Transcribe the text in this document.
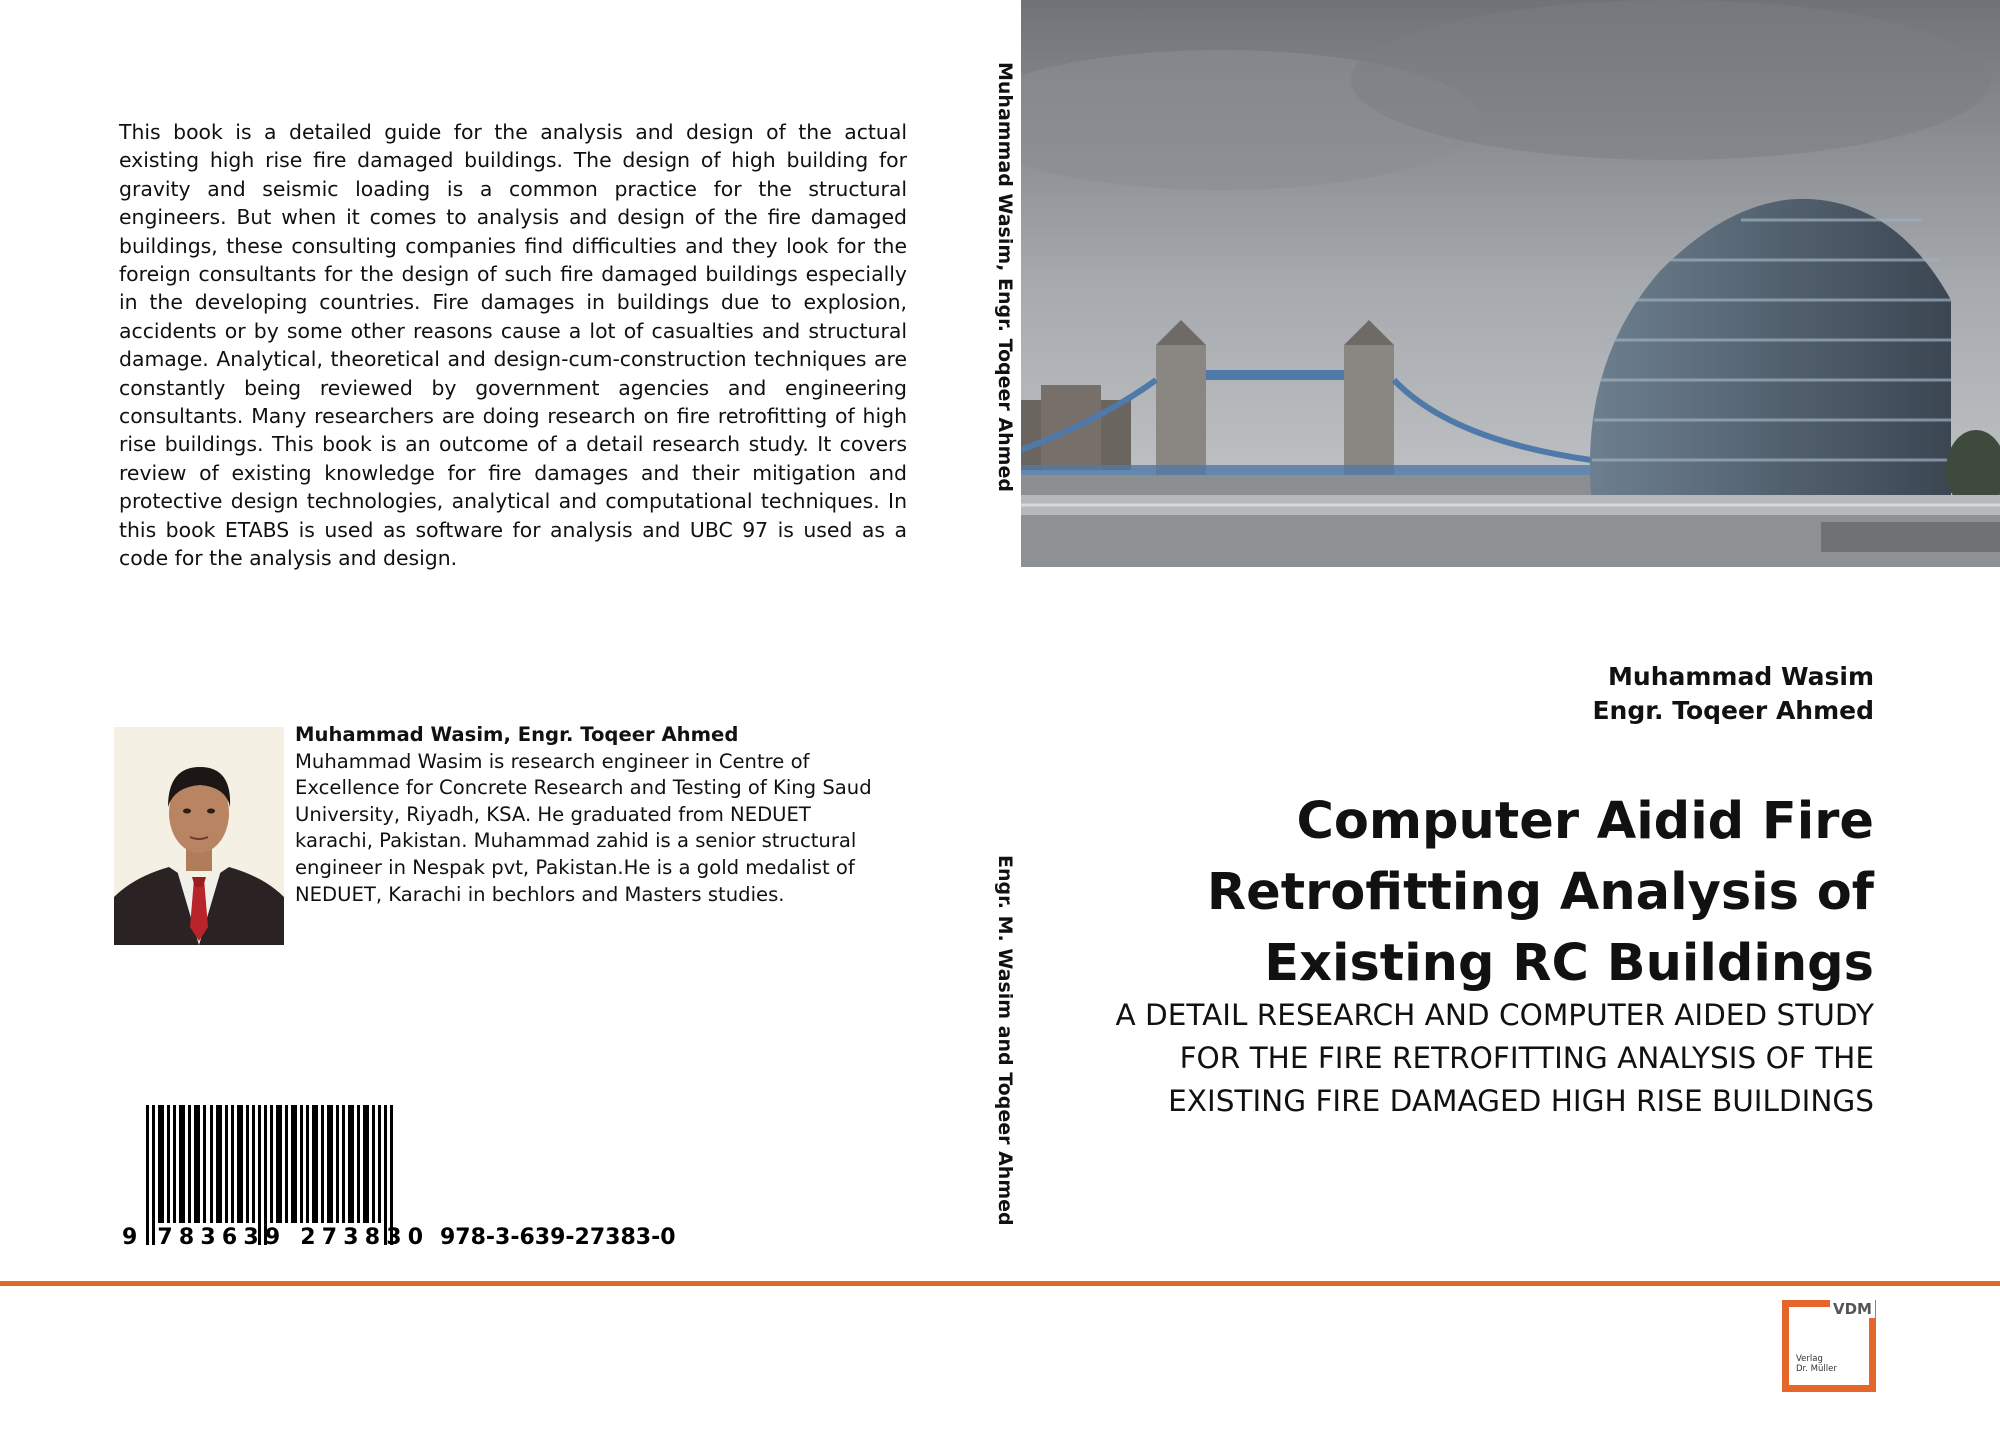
This book is a detailed guide for the analysis and design of the actual existing high rise fire damaged buildings. The design of high building for gravity and seismic loading is a common practice for the structural engineers. But when it comes to analysis and design of the fire damaged buildings, these consulting companies find difficulties and they look for the foreign consultants for the design of such fire damaged buildings especially in the developing countries. Fire damages in buildings due to explosion, accidents or by some other reasons cause a lot of casualties and structural damage. Analytical, theoretical and design-cum-construction techniques are constantly being reviewed by government agencies and engineering consultants. Many researchers are doing research on fire retrofitting of high rise buildings. This book is an outcome of a detail research study. It covers review of existing knowledge for fire damages and their mitigation and protective design technologies, analytical and computational techniques. In this book ETABS is used as software for analysis and UBC 97 is used as a code for the analysis and design.

Muhammad Wasim, Engr. Toqeer Ahmed
Muhammad Wasim is research engineer in Centre of Excellence for Concrete Research and Testing of King Saud University, Riyadh, KSA. He graduated from NEDUET karachi, Pakistan. Muhammad zahid is a senior structural engineer in Nespak pvt, Pakistan.He is a gold medalist of NEDUET, Karachi in bechlors and Masters studies.
9 783639 273830 978-3-639-27383-0
Muhammad Wasim, Engr. Toqeer Ahmed
Engr. M. Wasim and Toqeer Ahmed
Muhammad Wasim
Engr. Toqeer Ahmed
Computer Aidid Fire Retrofitting Analysis of Existing RC Buildings

A DETAIL RESEARCH AND COMPUTER AIDED STUDY FOR THE FIRE RETROFITTING ANALYSIS OF THE EXISTING FIRE DAMAGED HIGH RISE BUILDINGS

VDM
Verlag
Dr. Müller
